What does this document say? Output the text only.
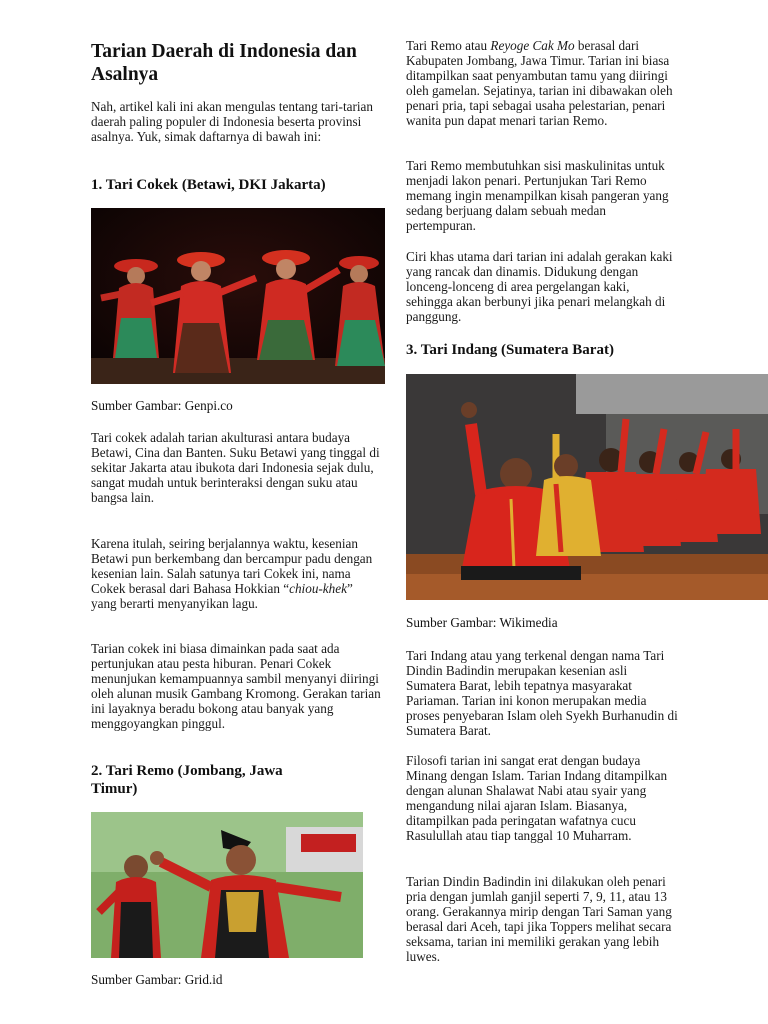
Tarian Daerah di Indonesia dan Asalnya

Nah, artikel kali ini akan mengulas tentang tari-tarian daerah paling populer di Indonesia beserta provinsi asalnya. Yuk, simak daftarnya di bawah ini:

1. Tari Cokek (Betawi, DKI Jakarta)

Sumber Gambar: Genpi.co

Tari cokek adalah tarian akulturasi antara budaya Betawi, Cina dan Banten. Suku Betawi yang tinggal di sekitar Jakarta atau ibukota dari Indonesia sejak dulu, sangat mudah untuk berinteraksi dengan suku atau bangsa lain.

Karena itulah, seiring berjalannya waktu, kesenian Betawi pun berkembang dan bercampur padu dengan kesenian lain. Salah satunya tari Cokek ini, nama Cokek berasal dari Bahasa Hokkian “chiou-khek” yang berarti menyanyikan lagu.

Tarian cokek ini biasa dimainkan pada saat ada pertunjukan atau pesta hiburan. Penari Cokek menunjukan kemampuannya sambil menyanyi diiringi oleh alunan musik Gambang Kromong. Gerakan tarian ini layaknya beradu bokong atau banyak yang menggoyangkan pinggul.

2. Tari Remo (Jombang, Jawa Timur)

Sumber Gambar: Grid.id

Tari Remo atau Reyoge Cak Mo berasal dari Kabupaten Jombang, Jawa Timur. Tarian ini biasa ditampilkan saat penyambutan tamu yang diiringi oleh gamelan. Sejatinya, tarian ini dibawakan oleh penari pria, tapi sebagai usaha pelestarian, penari wanita pun dapat menari tarian Remo.

Tari Remo membutuhkan sisi maskulinitas untuk menjadi lakon penari. Pertunjukan Tari Remo memang ingin menampilkan kisah pangeran yang sedang berjuang dalam sebuah medan pertempuran.

Ciri khas utama dari tarian ini adalah gerakan kaki yang rancak dan dinamis. Didukung dengan lonceng-lonceng di area pergelangan kaki, sehingga akan berbunyi jika penari melangkah di panggung.

3. Tari Indang (Sumatera Barat)

Sumber Gambar: Wikimedia

Tari Indang atau yang terkenal dengan nama Tari Dindin Badindin merupakan kesenian asli Sumatera Barat, lebih tepatnya masyarakat Pariaman. Tarian ini konon merupakan media proses penyebaran Islam oleh Syekh Burhanudin di Sumatera Barat.

Filosofi tarian ini sangat erat dengan budaya Minang dengan Islam. Tarian Indang ditampilkan dengan alunan Shalawat Nabi atau syair yang mengandung nilai ajaran Islam. Biasanya, ditampilkan pada peringatan wafatnya cucu Rasulullah atau tiap tanggal 10 Muharram.

Tarian Dindin Badindin ini dilakukan oleh penari pria dengan jumlah ganjil seperti 7, 9, 11, atau 13 orang. Gerakannya mirip dengan Tari Saman yang berasal dari Aceh, tapi jika Toppers melihat secara seksama, tarian ini memiliki gerakan yang lebih luwes.
